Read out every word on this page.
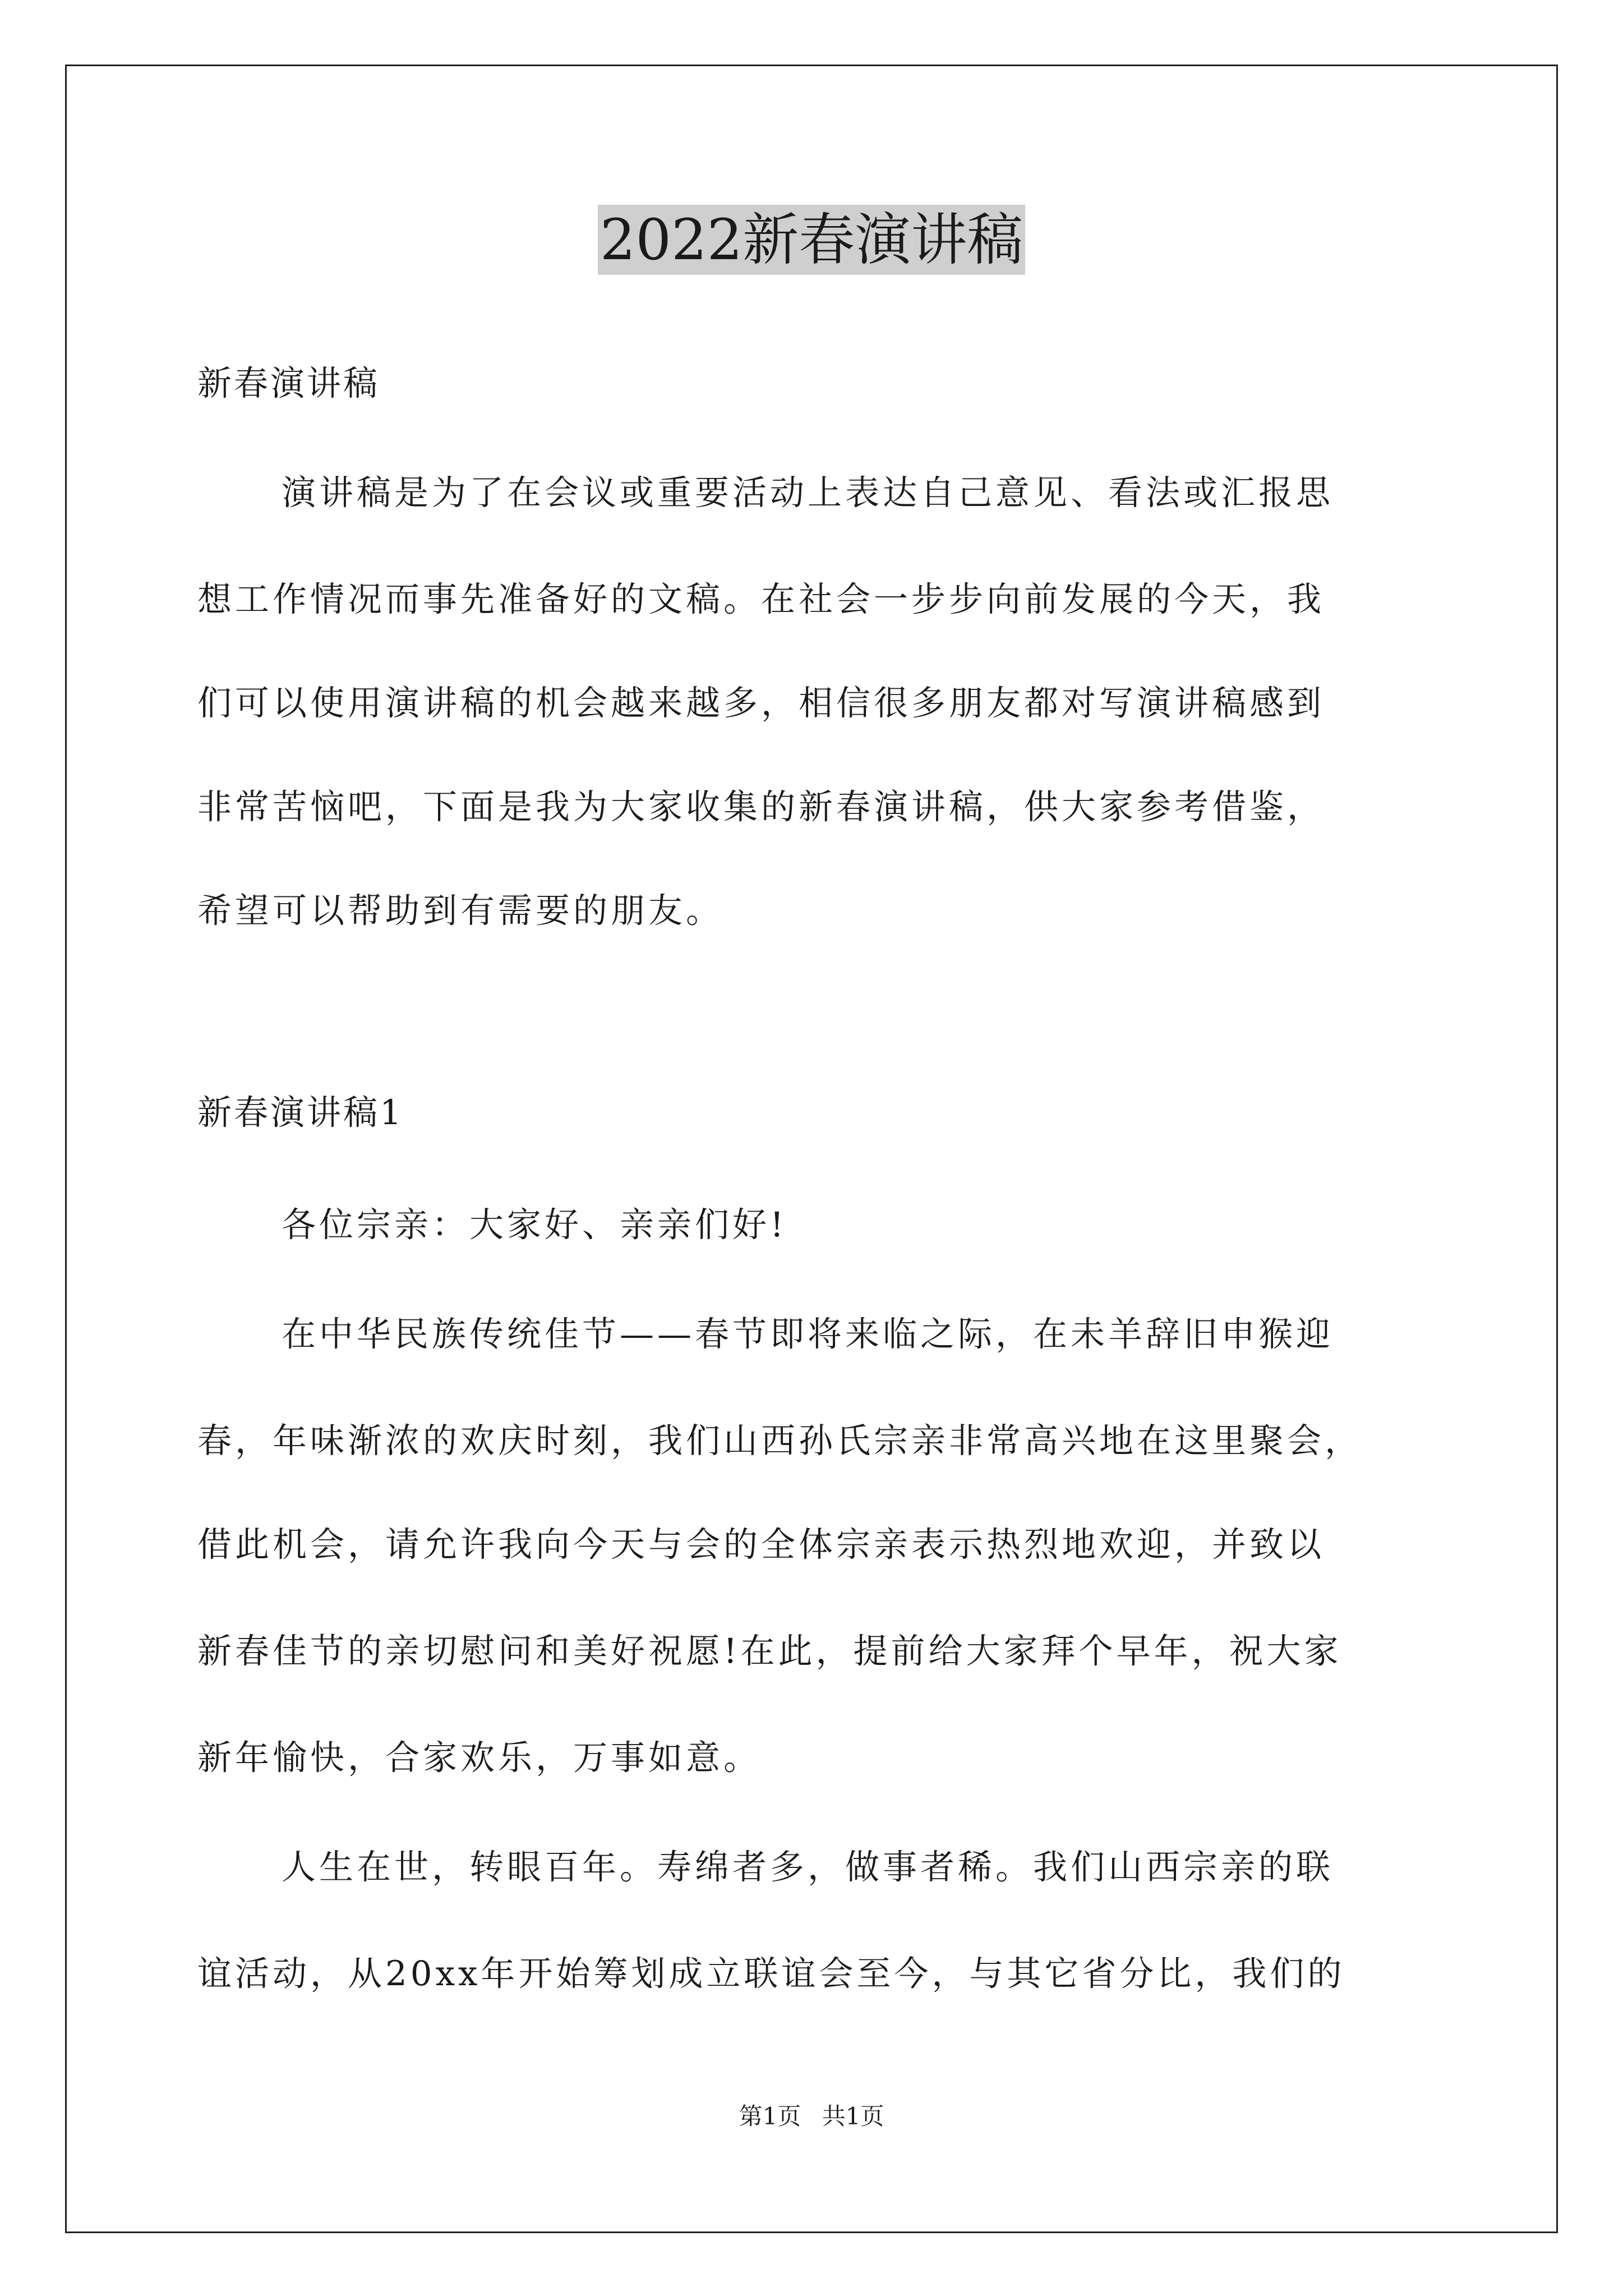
2022新春演讲稿
新春演讲稿
演讲稿是为了在会议或重要活动上表达自己意见、看法或汇报思
想工作情况而事先准备好的文稿。在社会一步步向前发展的今天，我
们可以使用演讲稿的机会越来越多，相信很多朋友都对写演讲稿感到
非常苦恼吧，下面是我为大家收集的新春演讲稿，供大家参考借鉴，
希望可以帮助到有需要的朋友。
新春演讲稿1
各位宗亲：大家好、亲亲们好!
在中华民族传统佳节——春节即将来临之际，在未羊辞旧申猴迎
春，年味渐浓的欢庆时刻，我们山西孙氏宗亲非常高兴地在这里聚会，
借此机会，请允许我向今天与会的全体宗亲表示热烈地欢迎，并致以
新春佳节的亲切慰问和美好祝愿!在此，提前给大家拜个早年，祝大家
新年愉快，合家欢乐，万事如意。
人生在世，转眼百年。寿绵者多，做事者稀。我们山西宗亲的联
谊活动，从20xx年开始筹划成立联谊会至今，与其它省分比，我们的
第1页 共1页
